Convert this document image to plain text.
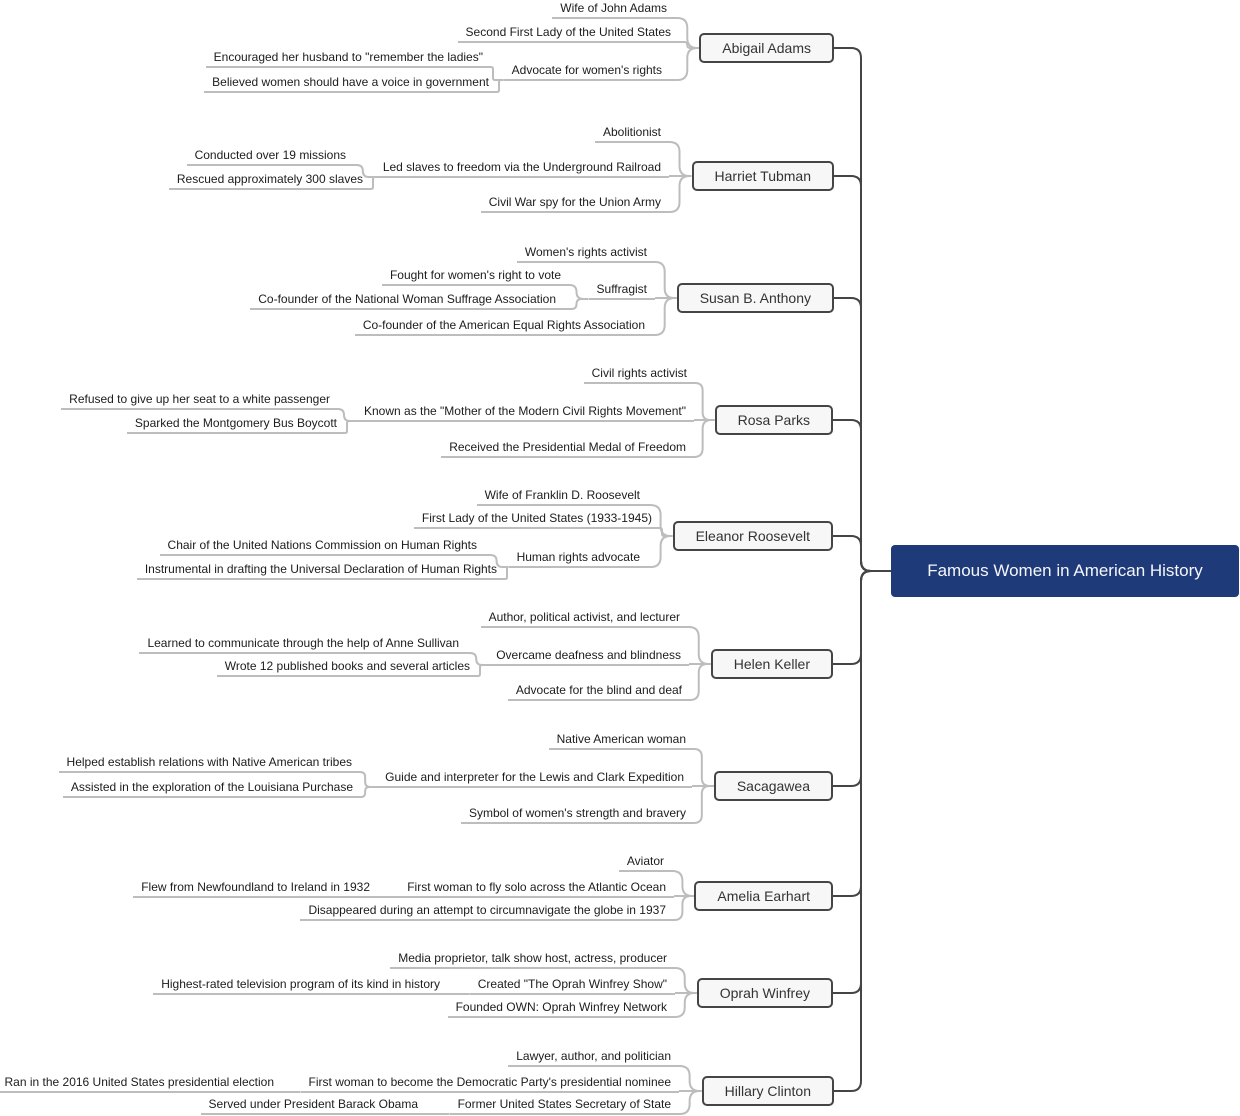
Famous Women in American History
Abigail Adams
Wife of John Adams
Second First Lady of the United States
Advocate for women's rights
Encouraged her husband to "remember the ladies"
Believed women should have a voice in government
Harriet Tubman
Abolitionist
Led slaves to freedom via the Underground Railroad
Conducted over 19 missions
Rescued approximately 300 slaves
Civil War spy for the Union Army
Susan B. Anthony
Women's rights activist
Suffragist
Fought for women's right to vote
Co-founder of the National Woman Suffrage Association
Co-founder of the American Equal Rights Association
Rosa Parks
Civil rights activist
Known as the "Mother of the Modern Civil Rights Movement"
Refused to give up her seat to a white passenger
Sparked the Montgomery Bus Boycott
Received the Presidential Medal of Freedom
Eleanor Roosevelt
Wife of Franklin D. Roosevelt
First Lady of the United States (1933-1945)
Human rights advocate
Chair of the United Nations Commission on Human Rights
Instrumental in drafting the Universal Declaration of Human Rights
Helen Keller
Author, political activist, and lecturer
Overcame deafness and blindness
Learned to communicate through the help of Anne Sullivan
Wrote 12 published books and several articles
Advocate for the blind and deaf
Sacagawea
Native American woman
Guide and interpreter for the Lewis and Clark Expedition
Helped establish relations with Native American tribes
Assisted in the exploration of the Louisiana Purchase
Symbol of women's strength and bravery
Amelia Earhart
Aviator
First woman to fly solo across the Atlantic Ocean
Flew from Newfoundland to Ireland in 1932
Disappeared during an attempt to circumnavigate the globe in 1937
Oprah Winfrey
Media proprietor, talk show host, actress, producer
Created "The Oprah Winfrey Show"
Highest-rated television program of its kind in history
Founded OWN: Oprah Winfrey Network
Hillary Clinton
Lawyer, author, and politician
First woman to become the Democratic Party's presidential nominee
Ran in the 2016 United States presidential election
Former United States Secretary of State
Served under President Barack Obama
